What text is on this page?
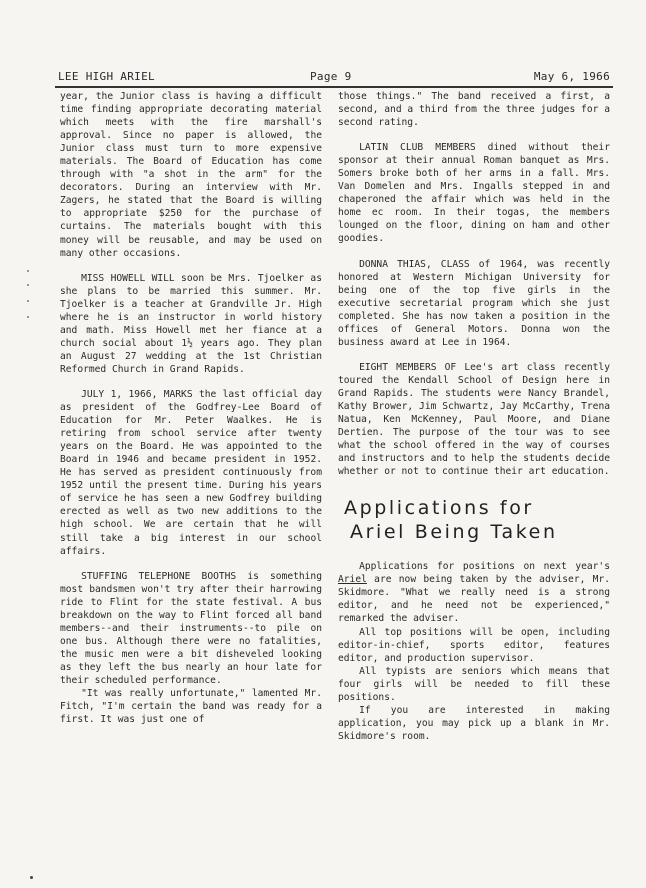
LEE HIGH ARIEL	Page 9	May 6, 1966

year, the Junior class is having a difficult time finding appropriate decorating material which meets with the fire marshall's approval. Since no paper is allowed, the Junior class must turn to more expensive materials. The Board of Education has come through with "a shot in the arm" for the decorators. During an interview with Mr. Zagers, he stated that the Board is willing to appropriate $250 for the purchase of curtains. The materials bought with this money will be reusable, and may be used on many other occasions.

MISS HOWELL WILL soon be Mrs. Tjoelker as she plans to be married this summer. Mr. Tjoelker is a teacher at Grandville Jr. High where he is an instructor in world history and math. Miss Howell met her fiance at a church social about 1½ years ago. They plan an August 27 wedding at the 1st Christian Reformed Church in Grand Rapids.

JULY 1, 1966, MARKS the last official day as president of the Godfrey-Lee Board of Education for Mr. Peter Waalkes. He is retiring from school service after twenty years on the Board. He was appointed to the Board in 1946 and became president in 1952. He has served as president continuously from 1952 until the present time. During his years of service he has seen a new Godfrey building erected as well as two new additions to the high school. We are certain that he will still take a big interest in our school affairs.

STUFFING TELEPHONE BOOTHS is something most bandsmen won't try after their harrowing ride to Flint for the state festival. A bus breakdown on the way to Flint forced all band members--and their instruments--to pile on one bus. Although there were no fatalities, the music men were a bit disheveled looking as they left the bus nearly an hour late for their scheduled performance.

"It was really unfortunate," lamented Mr. Fitch, "I'm certain the band was ready for a first. It was just one of

those things." The band received a first, a second, and a third from the three judges for a second rating.

LATIN CLUB MEMBERS dined without their sponsor at their annual Roman banquet as Mrs. Somers broke both of her arms in a fall. Mrs. Van Domelen and Mrs. Ingalls stepped in and chaperoned the affair which was held in the home ec room. In their togas, the members lounged on the floor, dining on ham and other goodies.

DONNA THIAS, CLASS of 1964, was recently honored at Western Michigan University for being one of the top five girls in the executive secretarial program which she just completed. She has now taken a position in the offices of General Motors. Donna won the business award at Lee in 1964.

EIGHT MEMBERS OF Lee's art class recently toured the Kendall School of Design here in Grand Rapids. The students were Nancy Brandel, Kathy Brower, Jim Schwartz, Jay McCarthy, Trena Natua, Ken McKenney, Paul Moore, and Diane Dertien. The purpose of the tour was to see what the school offered in the way of courses and instructors and to help the students decide whether or not to continue their art education.

Applications for
Ariel Being Taken

Applications for positions on next year's Ariel are now being taken by the adviser, Mr. Skidmore. "What we really need is a strong editor, and he need not be experienced," remarked the adviser.

All top positions will be open, including editor-in-chief, sports editor, features editor, and production supervisor.

All typists are seniors which means that four girls will be needed to fill these positions.

If you are interested in making application, you may pick up a blank in Mr. Skidmore's room.
